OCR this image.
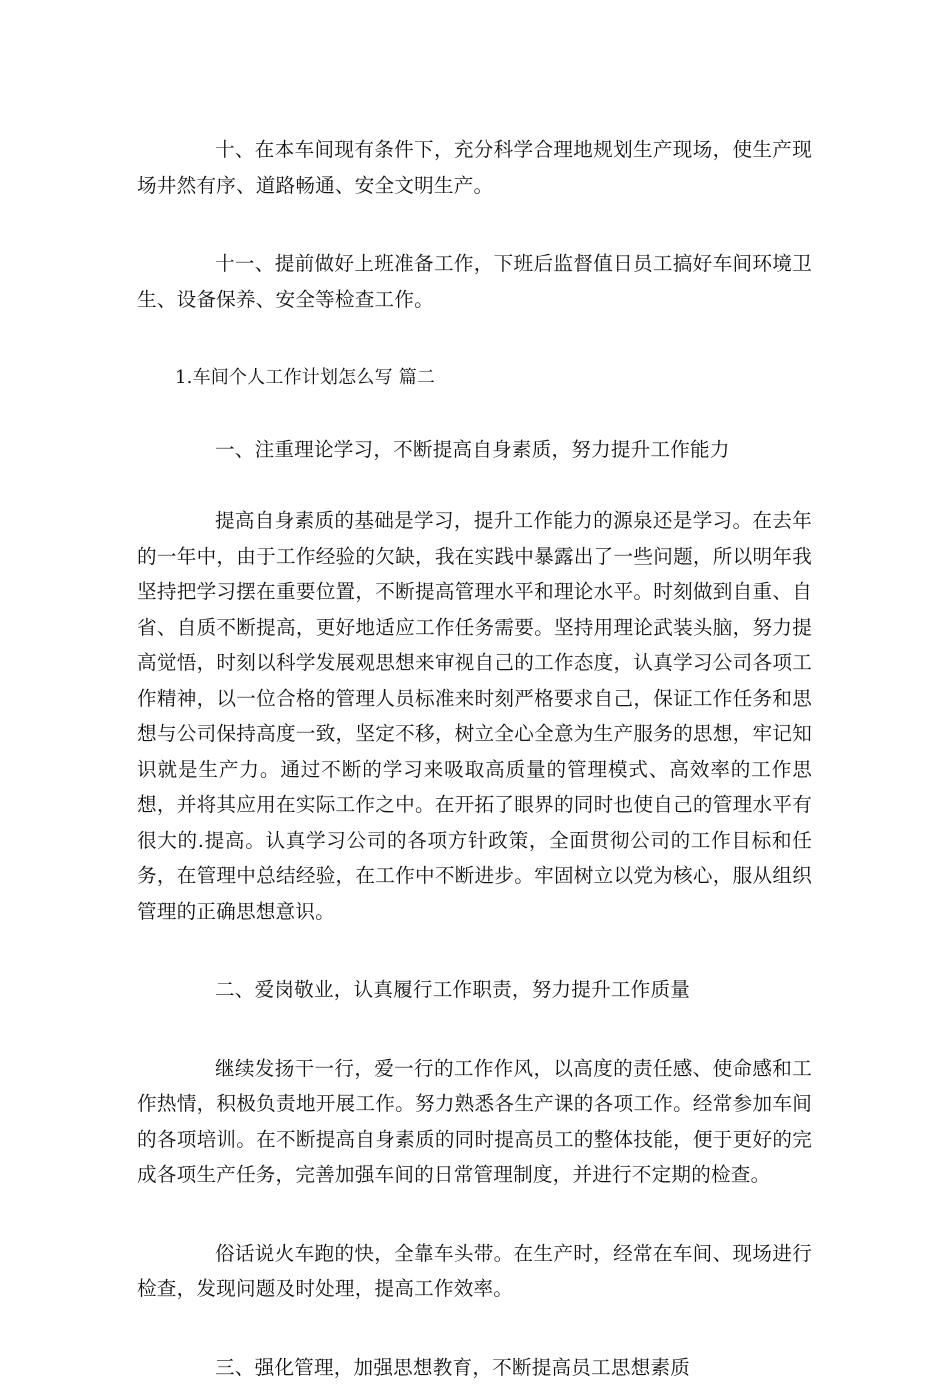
十、在本车间现有条件下，充分科学合理地规划生产现场，使生产现场井然有序、道路畅通、安全文明生产。

十一、提前做好上班准备工作，下班后监督值日员工搞好车间环境卫生、设备保养、安全等检查工作。

1.车间个人工作计划怎么写 篇二

一、注重理论学习，不断提高自身素质，努力提升工作能力

提高自身素质的基础是学习，提升工作能力的源泉还是学习。在去年的一年中，由于工作经验的欠缺，我在实践中暴露出了一些问题，所以明年我坚持把学习摆在重要位置，不断提高管理水平和理论水平。时刻做到自重、自省、自质不断提高，更好地适应工作任务需要。坚持用理论武装头脑，努力提高觉悟，时刻以科学发展观思想来审视自己的工作态度，认真学习公司各项工作精神，以一位合格的管理人员标准来时刻严格要求自己，保证工作任务和思想与公司保持高度一致，坚定不移，树立全心全意为生产服务的思想，牢记知识就是生产力。通过不断的学习来吸取高质量的管理模式、高效率的工作思想，并将其应用在实际工作之中。在开拓了眼界的同时也使自己的管理水平有很大的.提高。认真学习公司的各项方针政策，全面贯彻公司的工作目标和任务，在管理中总结经验，在工作中不断进步。牢固树立以党为核心，服从组织管理的正确思想意识。

二、爱岗敬业，认真履行工作职责，努力提升工作质量

继续发扬干一行，爱一行的工作作风，以高度的责任感、使命感和工作热情，积极负责地开展工作。努力熟悉各生产课的各项工作。经常参加车间的各项培训。在不断提高自身素质的同时提高员工的整体技能，便于更好的完成各项生产任务，完善加强车间的日常管理制度，并进行不定期的检查。

俗话说火车跑的快，全靠车头带。在生产时，经常在车间、现场进行检查，发现问题及时处理，提高工作效率。

三、强化管理，加强思想教育，不断提高员工思想素质
